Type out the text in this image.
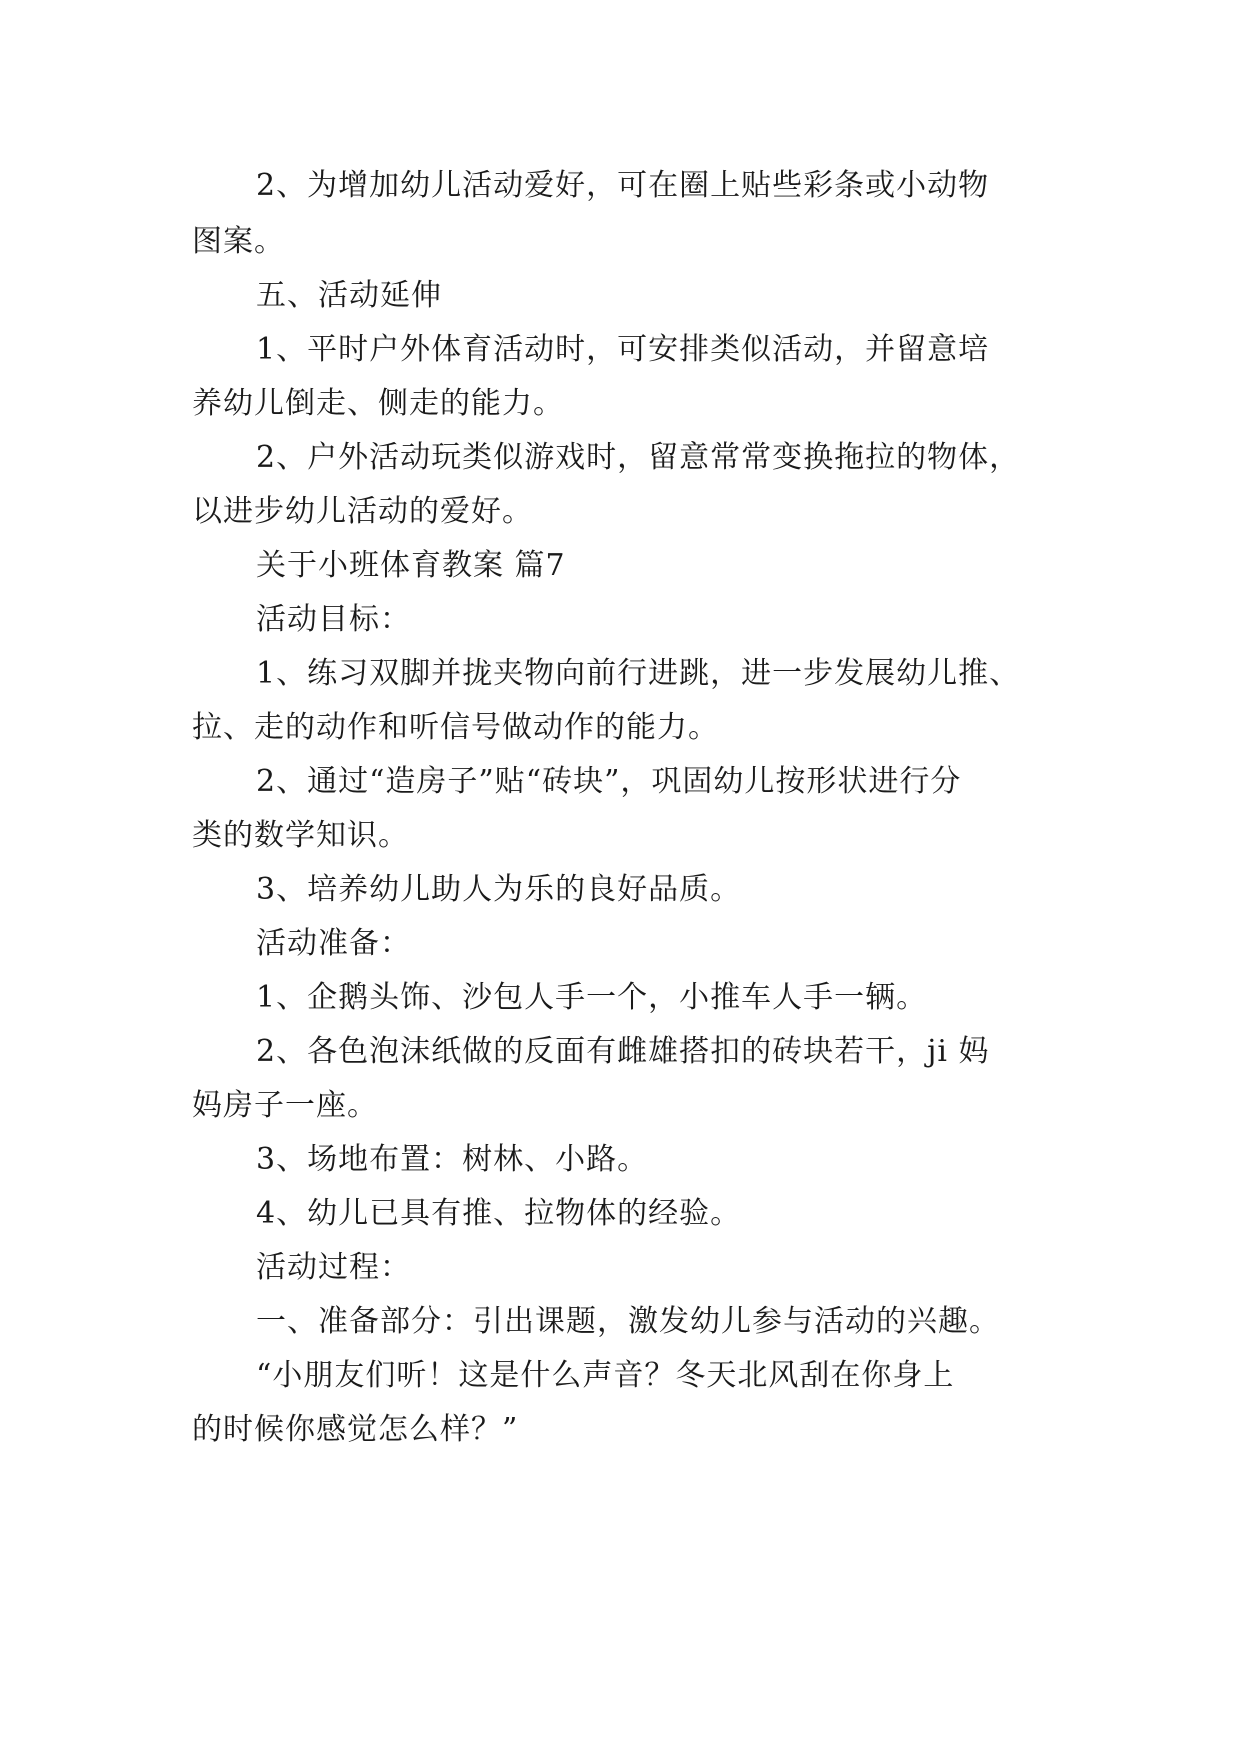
2、为增加幼儿活动爱好，可在圈上贴些彩条或小动物
图案。
五、活动延伸
1、平时户外体育活动时，可安排类似活动，并留意培
养幼儿倒走、侧走的能力。
2、户外活动玩类似游戏时，留意常常变换拖拉的物体，
以进步幼儿活动的爱好。
关于小班体育教案 篇7
活动目标：
1、练习双脚并拢夹物向前行进跳，进一步发展幼儿推、
拉、走的动作和听信号做动作的能力。
2、通过“造房子”贴“砖块”，巩固幼儿按形状进行分
类的数学知识。
3、培养幼儿助人为乐的良好品质。
活动准备：
1、企鹅头饰、沙包人手一个，小推车人手一辆。
2、各色泡沫纸做的反面有雌雄搭扣的砖块若干，ji 妈
妈房子一座。
3、场地布置：树林、小路。
4、幼儿已具有推、拉物体的经验。
活动过程：
一、准备部分：引出课题，激发幼儿参与活动的兴趣。
“小朋友们听！这是什么声音？冬天北风刮在你身上
的时候你感觉怎么样？”
